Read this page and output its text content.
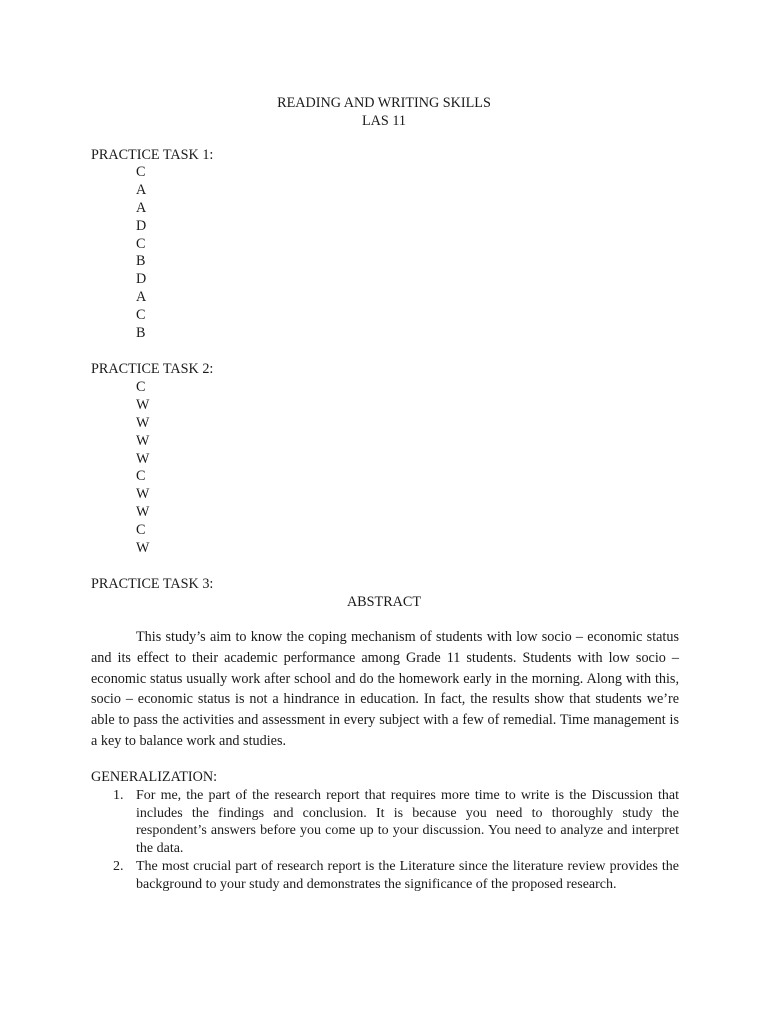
READING AND WRITING SKILLS
LAS 11
PRACTICE TASK 1:
C
A
A
D
C
B
D
A
C
B
PRACTICE TASK 2:
C
W
W
W
W
C
W
W
C
W
PRACTICE TASK 3:
ABSTRACT

This study’s aim to know the coping mechanism of students with low socio – economic status and its effect to their academic performance among Grade 11 students. Students with low socio – economic status usually work after school and do the homework early in the morning. Along with this, socio – economic status is not a hindrance in education. In fact, the results show that students we’re able to pass the activities and assessment in every subject with a few of remedial. Time management is a key to balance work and studies.

GENERALIZATION:
1. For me, the part of the research report that requires more time to write is the Discussion that includes the findings and conclusion. It is because you need to thoroughly study the respondent’s answers before you come up to your discussion. You need to analyze and interpret the data.
2. The most crucial part of research report is the Literature since the literature review provides the background to your study and demonstrates the significance of the proposed research.
